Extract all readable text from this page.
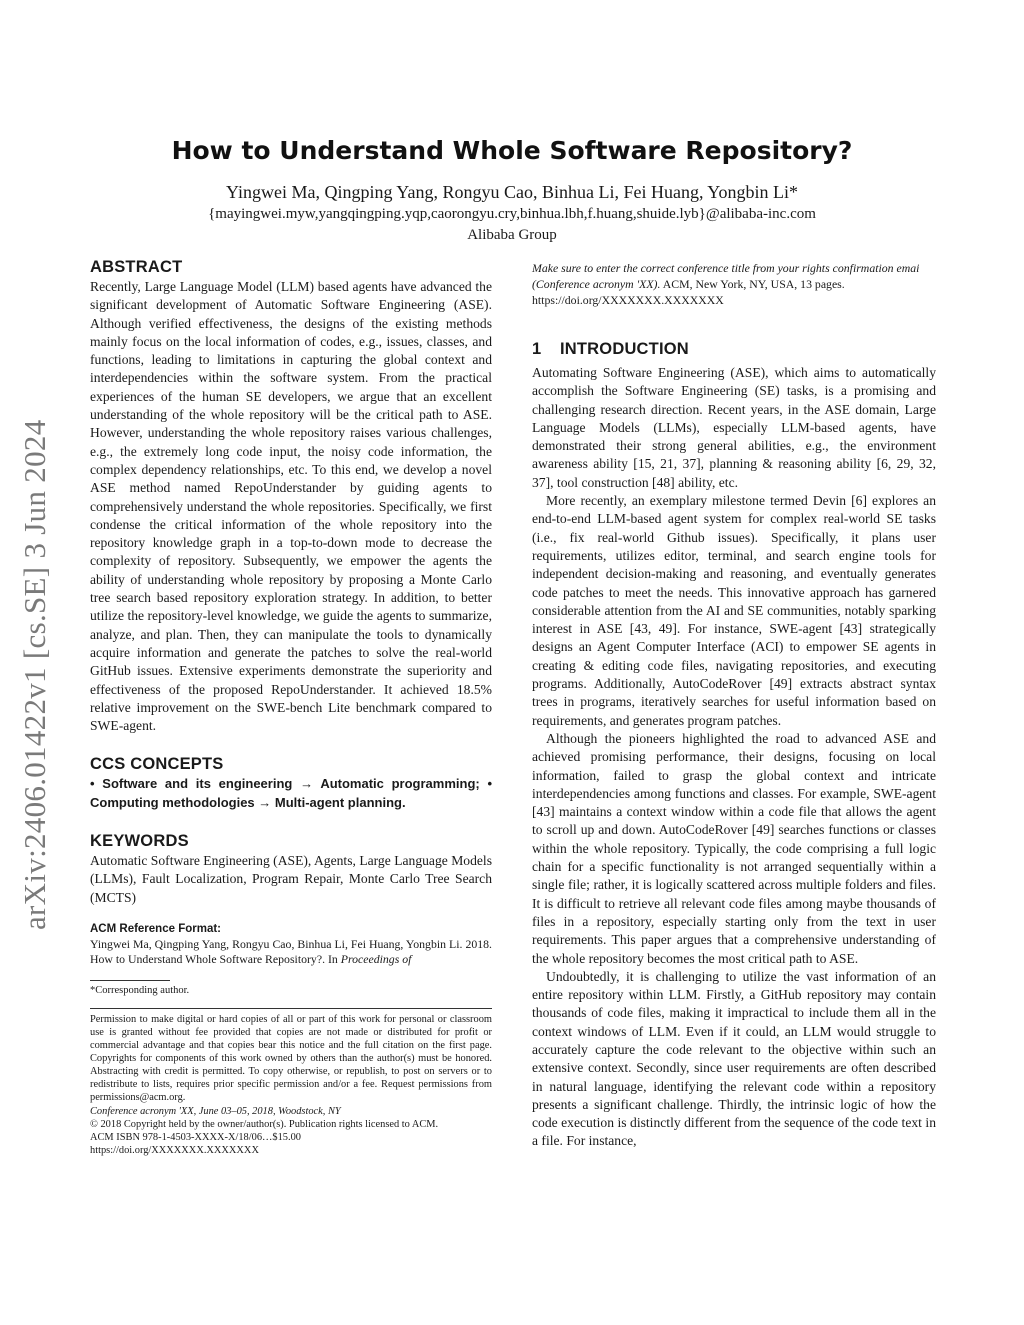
arXiv:2406.01422v1 [cs.SE] 3 Jun 2024
How to Understand Whole Software Repository?
Yingwei Ma, Qingping Yang, Rongyu Cao, Binhua Li, Fei Huang, Yongbin Li*
{mayingwei.myw,yangqingping.yqp,caorongyu.cry,binhua.lbh,f.huang,shuide.lyb}@alibaba-inc.com
Alibaba Group
ABSTRACT

Recently, Large Language Model (LLM) based agents have advanced the significant development of Automatic Software Engineering (ASE). Although verified effectiveness, the designs of the existing methods mainly focus on the local information of codes, e.g., issues, classes, and functions, leading to limitations in capturing the global context and interdependencies within the software system. From the practical experiences of the human SE developers, we argue that an excellent understanding of the whole repository will be the critical path to ASE. However, understanding the whole repository raises various challenges, e.g., the extremely long code input, the noisy code information, the complex dependency relationships, etc. To this end, we develop a novel ASE method named RepoUnderstander by guiding agents to comprehensively understand the whole repositories. Specifically, we first condense the critical information of the whole repository into the repository knowledge graph in a top-to-down mode to decrease the complexity of repository. Subsequently, we empower the agents the ability of understanding whole repository by proposing a Monte Carlo tree search based repository exploration strategy. In addition, to better utilize the repository-level knowledge, we guide the agents to summarize, analyze, and plan. Then, they can manipulate the tools to dynamically acquire information and generate the patches to solve the real-world GitHub issues. Extensive experiments demonstrate the superiority and effectiveness of the proposed RepoUnderstander. It achieved 18.5% relative improvement on the SWE-bench Lite benchmark compared to SWE-agent.

CCS CONCEPTS

• Software and its engineering → Automatic programming; • Computing methodologies → Multi-agent planning.

KEYWORDS

Automatic Software Engineering (ASE), Agents, Large Language Models (LLMs), Fault Localization, Program Repair, Monte Carlo Tree Search (MCTS)

ACM Reference Format:

Yingwei Ma, Qingping Yang, Rongyu Cao, Binhua Li, Fei Huang, Yongbin Li. 2018. How to Understand Whole Software Repository?. In Proceedings of

*Corresponding author.
Permission to make digital or hard copies of all or part of this work for personal or classroom use is granted without fee provided that copies are not made or distributed for profit or commercial advantage and that copies bear this notice and the full citation on the first page. Copyrights for components of this work owned by others than the author(s) must be honored. Abstracting with credit is permitted. To copy otherwise, or republish, to post on servers or to redistribute to lists, requires prior specific permission and/or a fee. Request permissions from permissions@acm.org.
Conference acronym 'XX, June 03–05, 2018, Woodstock, NY
© 2018 Copyright held by the owner/author(s). Publication rights licensed to ACM.
ACM ISBN 978-1-4503-XXXX-X/18/06…$15.00
https://doi.org/XXXXXXX.XXXXXXX

Make sure to enter the correct conference title from your rights confirmation emai (Conference acronym 'XX). ACM, New York, NY, USA, 13 pages. https://doi.org/XXXXXXX.XXXXXXX

1 INTRODUCTION

Automating Software Engineering (ASE), which aims to automatically accomplish the Software Engineering (SE) tasks, is a promising and challenging research direction. Recent years, in the ASE domain, Large Language Models (LLMs), especially LLM-based agents, have demonstrated their strong general abilities, e.g., the environment awareness ability [15, 21, 37], planning & reasoning ability [6, 29, 32, 37], tool construction [48] ability, etc.

More recently, an exemplary milestone termed Devin [6] explores an end-to-end LLM-based agent system for complex real-world SE tasks (i.e., fix real-world Github issues). Specifically, it plans user requirements, utilizes editor, terminal, and search engine tools for independent decision-making and reasoning, and eventually generates code patches to meet the needs. This innovative approach has garnered considerable attention from the AI and SE communities, notably sparking interest in ASE [43, 49]. For instance, SWE-agent [43] strategically designs an Agent Computer Interface (ACI) to empower SE agents in creating & editing code files, navigating repositories, and executing programs. Additionally, AutoCodeRover [49] extracts abstract syntax trees in programs, iteratively searches for useful information based on requirements, and generates program patches.

Although the pioneers highlighted the road to advanced ASE and achieved promising performance, their designs, focusing on local information, failed to grasp the global context and intricate interdependencies among functions and classes. For example, SWE-agent [43] maintains a context window within a code file that allows the agent to scroll up and down. AutoCodeRover [49] searches functions or classes within the whole repository. Typically, the code comprising a full logic chain for a specific functionality is not arranged sequentially within a single file; rather, it is logically scattered across multiple folders and files. It is difficult to retrieve all relevant code files among maybe thousands of files in a repository, especially starting only from the text in user requirements. This paper argues that a comprehensive understanding of the whole repository becomes the most critical path to ASE.

Undoubtedly, it is challenging to utilize the vast information of an entire repository within LLM. Firstly, a GitHub repository may contain thousands of code files, making it impractical to include them all in the context windows of LLM. Even if it could, an LLM would struggle to accurately capture the code relevant to the objective within such an extensive context. Secondly, since user requirements are often described in natural language, identifying the relevant code within a repository presents a significant challenge. Thirdly, the intrinsic logic of how the code execution is distinctly different from the sequence of the code text in a file. For instance,
